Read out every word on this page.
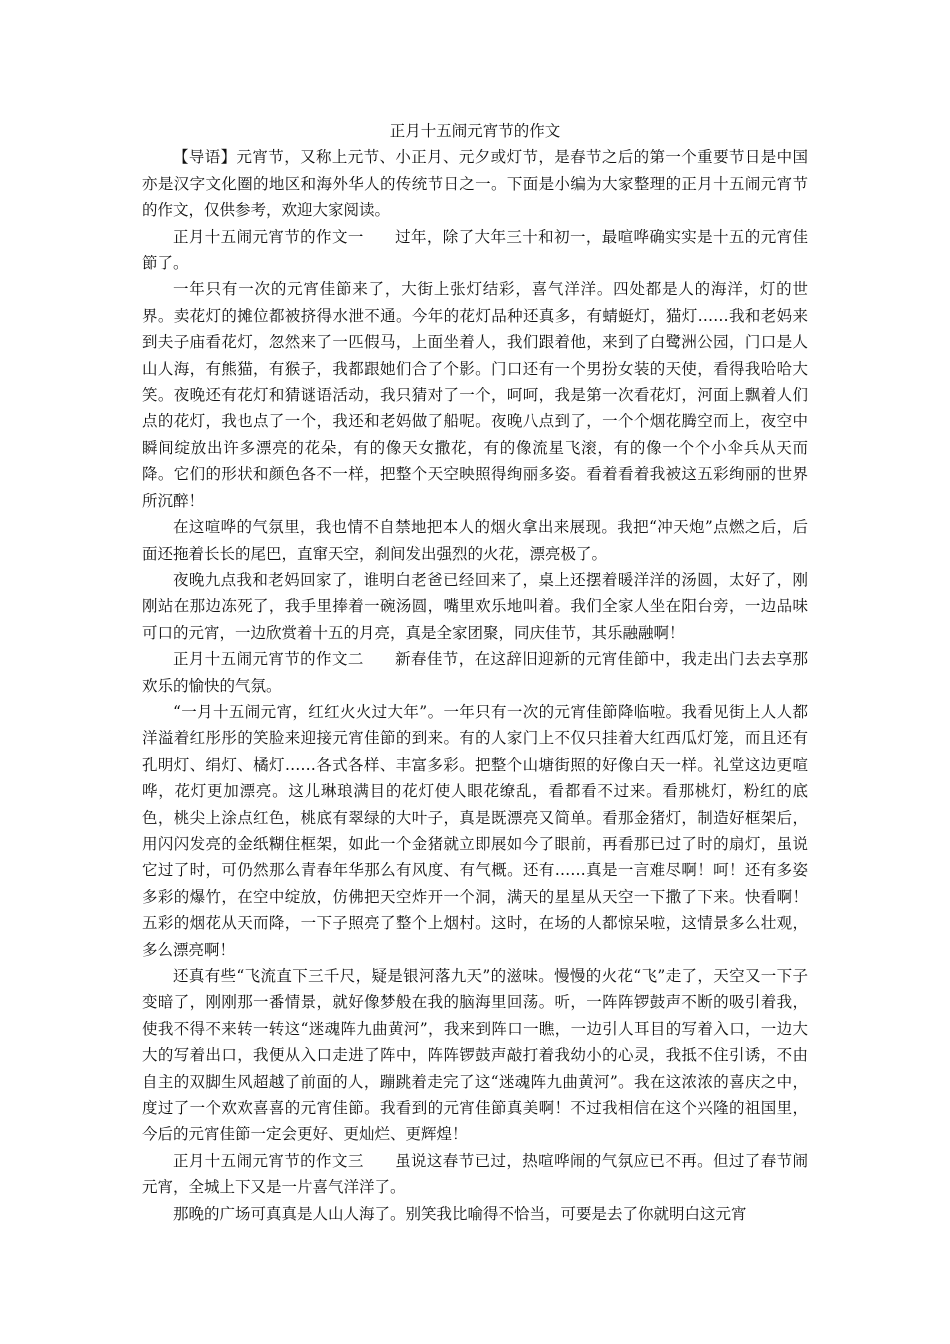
正月十五闹元宵节的作文

【导语】元宵节，又称上元节、小正月、元夕或灯节，是春节之后的第一个重要节日是中国亦是汉字文化圈的地区和海外华人的传统节日之一。下面是小编为大家整理的正月十五闹元宵节的作文，仅供参考，欢迎大家阅读。

正月十五闹元宵节的作文一 过年，除了大年三十和初一，最喧哗确实实是十五的元宵佳節了。

一年只有一次的元宵佳節来了，大街上张灯结彩，喜气洋洋。四处都是人的海洋，灯的世界。卖花灯的摊位都被挤得水泄不通。今年的花灯品种还真多，有蜻蜓灯，猫灯……我和老妈来到夫子庙看花灯，忽然来了一匹假马，上面坐着人，我们跟着他，来到了白鹭洲公园，门口是人山人海，有熊猫，有猴子，我都跟她们合了个影。门口还有一个男扮女装的天使，看得我哈哈大笑。夜晚还有花灯和猜谜语活动，我只猜对了一个，呵呵，我是第一次看花灯，河面上飘着人们点的花灯，我也点了一个，我还和老妈做了船呢。夜晚八点到了，一个个烟花腾空而上，夜空中瞬间绽放出许多漂亮的花朵，有的像天女撒花，有的像流星飞滚，有的像一个个小伞兵从天而降。它们的形状和颜色各不一样，把整个天空映照得绚丽多姿。看着看着我被这五彩绚丽的世界所沉醉！

在这喧哗的气氛里，我也情不自禁地把本人的烟火拿出来展现。我把“冲天炮”点燃之后，后面还拖着长长的尾巴，直窜天空，刹间发出强烈的火花，漂亮极了。

夜晚九点我和老妈回家了，谁明白老爸已经回来了，桌上还摆着暖洋洋的汤圆，太好了，刚刚站在那边冻死了，我手里捧着一碗汤圆，嘴里欢乐地叫着。我们全家人坐在阳台旁，一边品味可口的元宵，一边欣赏着十五的月亮，真是全家团聚，同庆佳节，其乐融融啊！

正月十五闹元宵节的作文二 新春佳节，在这辞旧迎新的元宵佳節中，我走出门去去享那欢乐的愉快的气氛。

“一月十五闹元宵，红红火火过大年”。一年只有一次的元宵佳節降临啦。我看见街上人人都洋溢着红彤彤的笑脸来迎接元宵佳節的到来。有的人家门上不仅只挂着大红西瓜灯笼，而且还有孔明灯、绢灯、橘灯……各式各样、丰富多彩。把整个山塘街照的好像白天一样。礼堂这边更喧哗，花灯更加漂亮。这儿琳琅满目的花灯使人眼花缭乱，看都看不过来。看那桃灯，粉红的底色，桃尖上涂点红色，桃底有翠绿的大叶子，真是既漂亮又简单。看那金猪灯，制造好框架后，用闪闪发亮的金纸糊住框架，如此一个金猪就立即展如今了眼前，再看那已过了时的扇灯，虽说它过了时，可仍然那么青春年华那么有风度、有气概。还有……真是一言难尽啊！呵！还有多姿多彩的爆竹，在空中绽放，仿佛把天空炸开一个洞，满天的星星从天空一下撒了下来。快看啊！五彩的烟花从天而降，一下子照亮了整个上烟村。这时，在场的人都惊呆啦，这情景多么壮观，多么漂亮啊！

还真有些“飞流直下三千尺，疑是银河落九天”的滋味。慢慢的火花“飞”走了，天空又一下子变暗了，刚刚那一番情景，就好像梦般在我的脑海里回荡。听，一阵阵锣鼓声不断的吸引着我，使我不得不来转一转这“迷魂阵九曲黄河”，我来到阵口一瞧，一边引人耳目的写着入口，一边大大的写着出口，我便从入口走进了阵中，阵阵锣鼓声敲打着我幼小的心灵，我抵不住引诱，不由自主的双脚生风超越了前面的人，蹦跳着走完了这“迷魂阵九曲黄河”。我在这浓浓的喜庆之中，度过了一个欢欢喜喜的元宵佳節。我看到的元宵佳節真美啊！不过我相信在这个兴隆的祖国里，今后的元宵佳節一定会更好、更灿烂、更辉煌！

正月十五闹元宵节的作文三 虽说这春节已过，热喧哗闹的气氛应已不再。但过了春节闹元宵，全城上下又是一片喜气洋洋了。

那晚的广场可真真是人山人海了。别笑我比喻得不恰当，可要是去了你就明白这元宵
